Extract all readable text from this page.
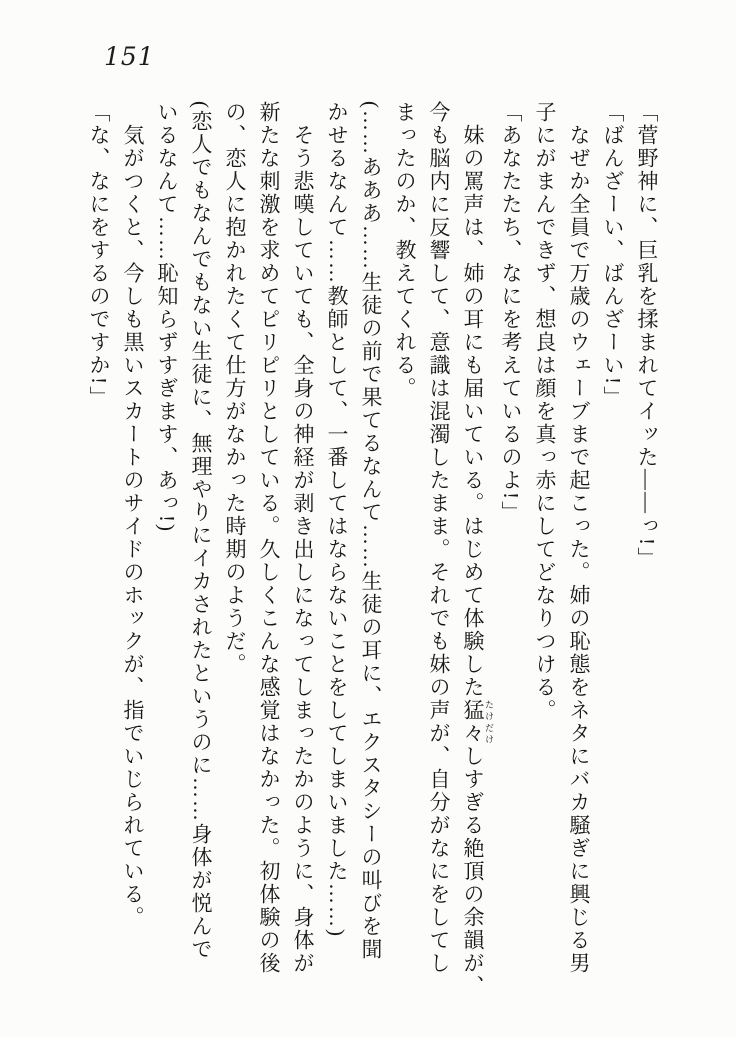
151
「菅野神に、巨乳を揉まれてイッた――っ!」
「ばんざーい、ばんざーい!」
なぜか全員で万歳のウェーブまで起こった。姉の恥態をネタにバカ騒ぎに興じる男
子にがまんできず、想良は顔を真っ赤にしてどなりつける。
「あなたたち、なにを考えているのよ!」
妹の罵声は、姉の耳にも届いている。はじめて体験した猛々 たけだけしすぎる絶頂の余韻が、
今も脳内に反響して、意識は混濁したまま。それでも妹の声が、自分がなにをしてし
まったのか、教えてくれる。
(……あああ……生徒の前で果てるなんて……生徒の耳に、エクスタシーの叫びを聞
かせるなんて……教師として、一番してはならないことをしてしまいました……)
そう悲嘆していても、全身の神経が剥き出しになってしまったかのように、身体が
新たな刺激を求めてピリピリとしている。久しくこんな感覚はなかった。初体験の後
の、恋人に抱かれたくて仕方がなかった時期のようだ。
(恋人でもなんでもない生徒に、無理やりにイカされたというのに……身体が悦んで
いるなんて……恥知らずすぎます、あっ!)
気がつくと、今しも黒いスカートのサイドのホックが、指でいじられている。
「な、なにをするのですか!」
